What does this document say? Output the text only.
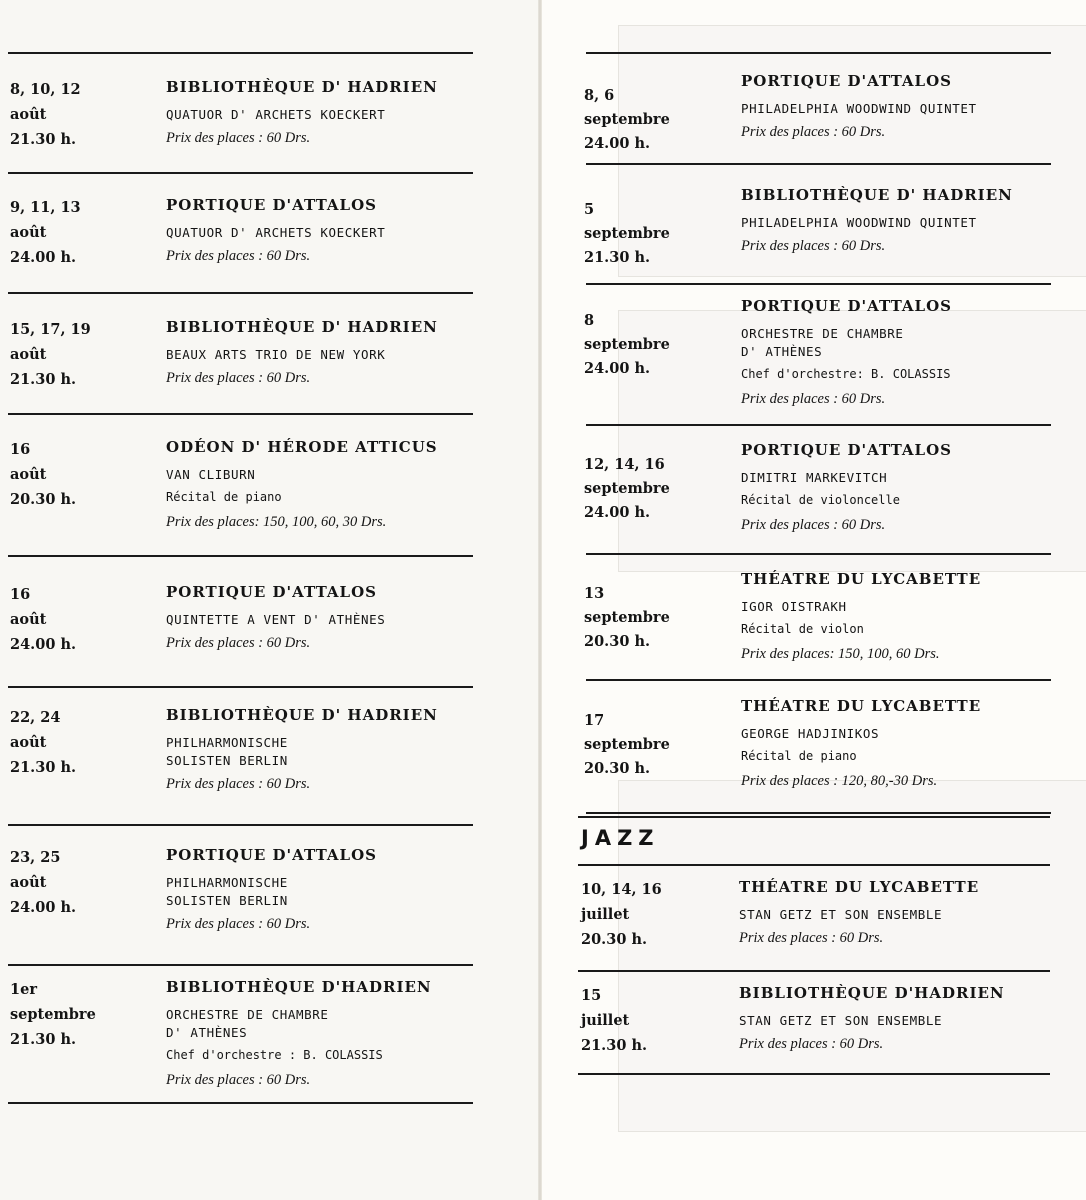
8, 10, 12
août
21.30 h.
BIBLIOTHÈQUE D' HADRIEN
QUATUOR D' ARCHETS KOECKERT
Prix des places : 60 Drs.
9, 11, 13
août
24.00 h.
PORTIQUE D'ATTALOS
QUATUOR D' ARCHETS KOECKERT
Prix des places : 60 Drs.
15, 17, 19
août
21.30 h.
BIBLIOTHÈQUE D' HADRIEN
BEAUX ARTS TRIO DE NEW YORK
Prix des places : 60 Drs.
16
août
20.30 h.
ODÉON D' HÉRODE ATTICUS
VAN CLIBURN
Récital de piano
Prix des places: 150, 100, 60, 30 Drs.
16
août
24.00 h.
PORTIQUE D'ATTALOS
QUINTETTE A VENT D' ATHÈNES
Prix des places : 60 Drs.
22, 24
août
21.30 h.
BIBLIOTHÈQUE D' HADRIEN
PHILHARMONISCHE
SOLISTEN BERLIN
Prix des places : 60 Drs.
23, 25
août
24.00 h.
PORTIQUE D'ATTALOS
PHILHARMONISCHE
SOLISTEN BERLIN
Prix des places : 60 Drs.
1er
septembre
21.30 h.
BIBLIOTHÈQUE D'HADRIEN
ORCHESTRE DE CHAMBRE
D' ATHÈNES
Chef d'orchestre : B. COLASSIS
Prix des places : 60 Drs.
8, 6
septembre
24.00 h.
PORTIQUE D'ATTALOS
PHILADELPHIA WOODWIND QUINTET
Prix des places : 60 Drs.
5
septembre
21.30 h.
BIBLIOTHÈQUE D' HADRIEN
PHILADELPHIA WOODWIND QUINTET
Prix des places : 60 Drs.
8
septembre
24.00 h.
PORTIQUE D'ATTALOS
ORCHESTRE DE CHAMBRE
D' ATHÈNES
Chef d'orchestre: B. COLASSIS
Prix des places : 60 Drs.
12, 14, 16
septembre
24.00 h.
PORTIQUE D'ATTALOS
DIMITRI MARKEVITCH
Récital de violoncelle
Prix des places : 60 Drs.
13
septembre
20.30 h.
THÉATRE DU LYCABETTE
IGOR OISTRAKH
Récital de violon
Prix des places: 150, 100, 60 Drs.
17
septembre
20.30 h.
THÉATRE DU LYCABETTE
GEORGE HADJINIKOS
Récital de piano
Prix des places : 120, 80,-30 Drs.
10, 14, 16
juillet
20.30 h.
THÉATRE DU LYCABETTE
STAN GETZ ET SON ENSEMBLE
Prix des places : 60 Drs.
15
juillet
21.30 h.
BIBLIOTHÈQUE D'HADRIEN
STAN GETZ ET SON ENSEMBLE
Prix des places : 60 Drs.
JAZZ
